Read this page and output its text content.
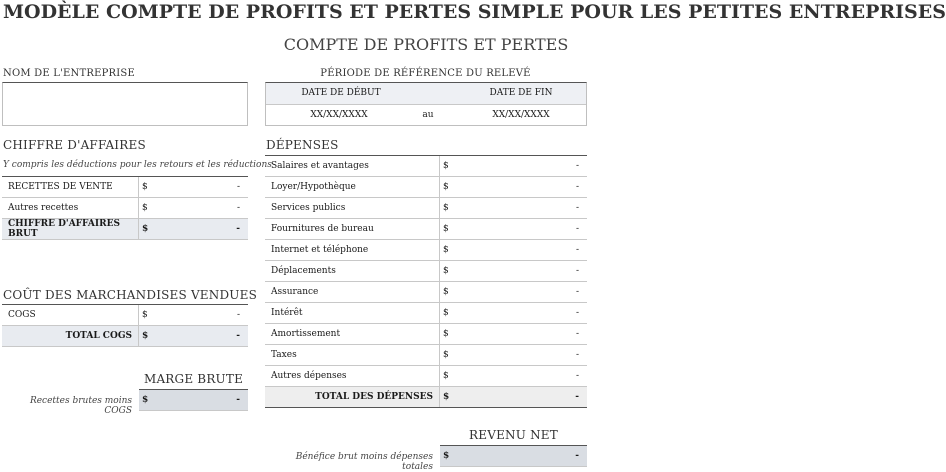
MODÈLE COMPTE DE PROFITS ET PERTES SIMPLE POUR LES PETITES ENTREPRISES
COMPTE DE PROFITS ET PERTES
NOM DE L'ENTREPRISE	PÉRIODE DE RÉFÉRENCE DU RELEVÉ
DATE DE DÉBUT	DATE DE FIN
XX/XX/XXXX	au	XX/XX/XXXX
CHIFFRE D'AFFAIRES
Y compris les déductions pour les retours et les réductions
RECETTES DE VENTE	$	-
Autres recettes	$	-
CHIFFRE D'AFFAIRES BRUT	$	-
COÛT DES MARCHANDISES VENDUES
COGS	$	-
TOTAL COGS	$	-
MARGE BRUTE
Recettes brutes moins COGS
$	-
DÉPENSES
Salaires et avantages	$	-
Loyer/Hypothèque	$	-
Services publics	$	-
Fournitures de bureau	$	-
Internet et téléphone	$	-
Déplacements	$	-
Assurance	$	-
Intérêt	$	-
Amortissement	$	-
Taxes	$	-
Autres dépenses	$	-
TOTAL DES DÉPENSES	$	-
REVENU NET
Bénéfice brut moins dépenses totales
$	-
